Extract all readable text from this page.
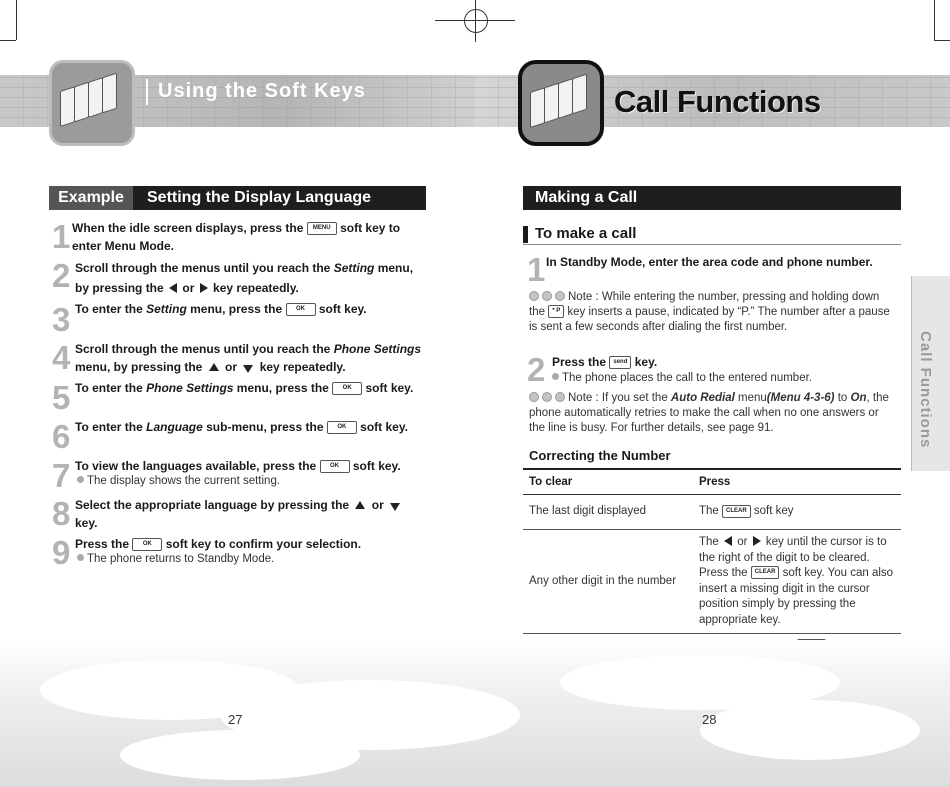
Using the Soft Keys	Call Functions
Setting the Display Language
Example
1 When the idle screen displays, press the MENU soft key to enter Menu Mode.
2 Scroll through the menus until you reach the Setting menu, by pressing the  or  key repeatedly.
3 To enter the Setting menu, press the OK soft key.
4 Scroll through the menus until you reach the Phone Settings menu, by pressing the  or  key repeatedly.
5 To enter the Phone Settings menu, press the OK soft key.
6 To enter the Language sub-menu, press the OK soft key.
7 To view the languages available, press the OK soft key.
The display shows the current setting.
8 Select the appropriate language by pressing the  or  key.
9 Press the OK soft key to confirm your selection.
The phone returns to Standby Mode.
Making a Call
To make a call
1 In Standby Mode, enter the area code and phone number.
Note : While entering the number, pressing and holding down the * P key inserts a pause, indicated by “P.” The number after a pause is sent a few seconds after dialing the first number.
2 Press the send key.
The phone places the call to the entered number.
Note : If you set the Auto Redial menu(Menu 4-3-6) to On, the phone automatically retries to make the call when no one answers or the line is busy. For further details, see page 91.
Correcting the Number
To clear	Press
The last digit displayed	The CLEAR soft key
Any other digit in the number	The  or  key until the cursor is to the right of the digit to be cleared. Press the CLEAR soft key. You can also insert a missing digit in the cursor position simply by pressing the appropriate key.

Call Functions
27	28
